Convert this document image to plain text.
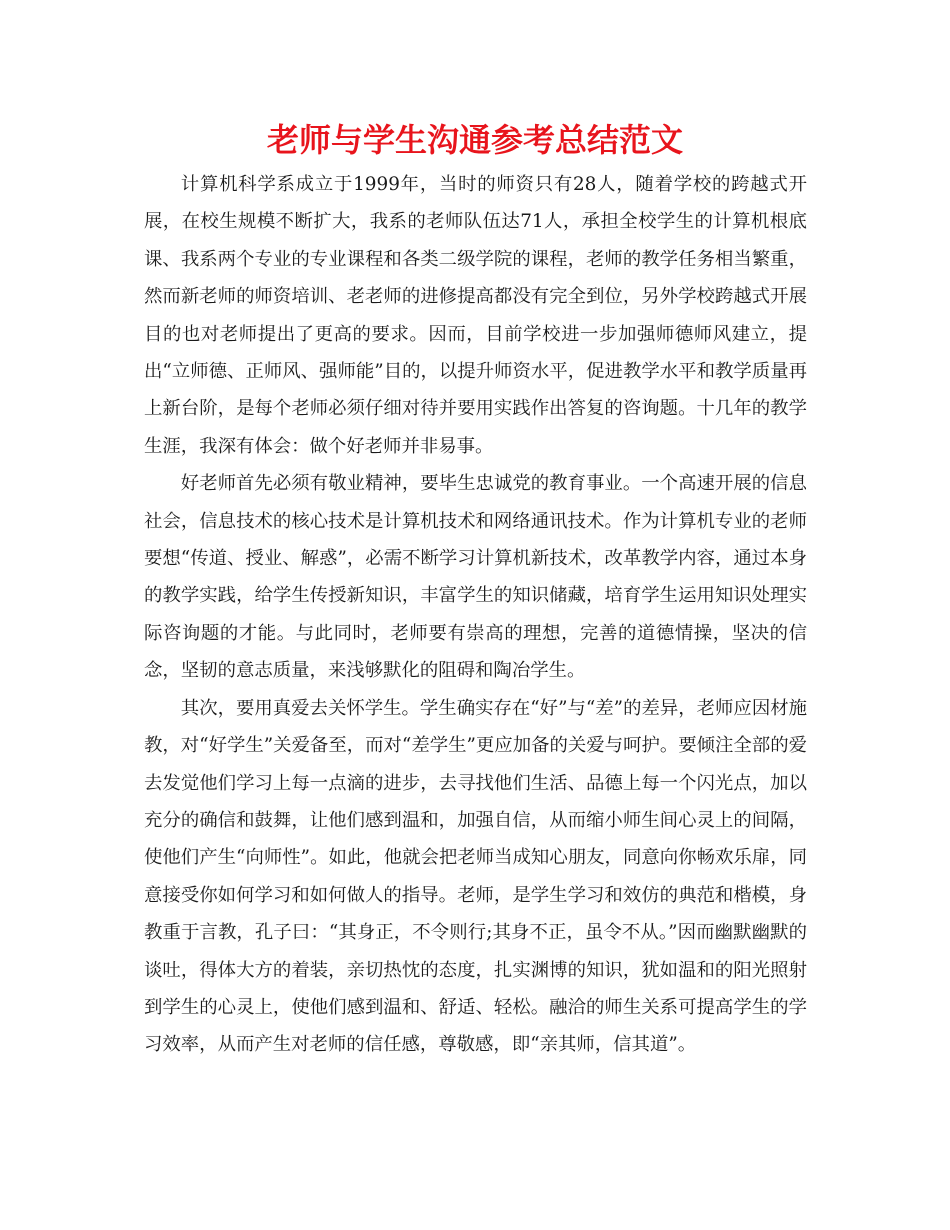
老师与学生沟通参考总结范文

计算机科学系成立于1999年，当时的师资只有28人，随着学校的跨越式开展，在校生规模不断扩大，我系的老师队伍达71人，承担全校学生的计算机根底课、我系两个专业的专业课程和各类二级学院的课程，老师的教学任务相当繁重，然而新老师的师资培训、老老师的进修提高都没有完全到位，另外学校跨越式开展目的也对老师提出了更高的要求。因而，目前学校进一步加强师德师风建立，提出“立师德、正师风、强师能”目的，以提升师资水平，促进教学水平和教学质量再上新台阶，是每个老师必须仔细对待并要用实践作出答复的咨询题。十几年的教学生涯，我深有体会：做个好老师并非易事。

好老师首先必须有敬业精神，要毕生忠诚党的教育事业。一个高速开展的信息社会，信息技术的核心技术是计算机技术和网络通讯技术。作为计算机专业的老师要想“传道、授业、解惑”，必需不断学习计算机新技术，改革教学内容，通过本身的教学实践，给学生传授新知识，丰富学生的知识储藏，培育学生运用知识处理实际咨询题的才能。与此同时，老师要有崇高的理想，完善的道德情操，坚决的信念，坚韧的意志质量，来浅够默化的阻碍和陶冶学生。

其次，要用真爱去关怀学生。学生确实存在“好”与“差”的差异，老师应因材施教，对“好学生”关爱备至，而对“差学生”更应加备的关爱与呵护。要倾注全部的爱去发觉他们学习上每一点滴的进步，去寻找他们生活、品德上每一个闪光点，加以充分的确信和鼓舞，让他们感到温和，加强自信，从而缩小师生间心灵上的间隔，使他们产生“向师性”。如此，他就会把老师当成知心朋友，同意向你畅欢乐扉，同意接受你如何学习和如何做人的指导。老师，是学生学习和效仿的典范和楷模，身教重于言教，孔子曰：“其身正，不令则行;其身不正，虽令不从。”因而幽默幽默的谈吐，得体大方的着装，亲切热忱的态度，扎实渊博的知识，犹如温和的阳光照射到学生的心灵上，使他们感到温和、舒适、轻松。融洽的师生关系可提高学生的学习效率，从而产生对老师的信任感，尊敬感，即“亲其师，信其道”。
